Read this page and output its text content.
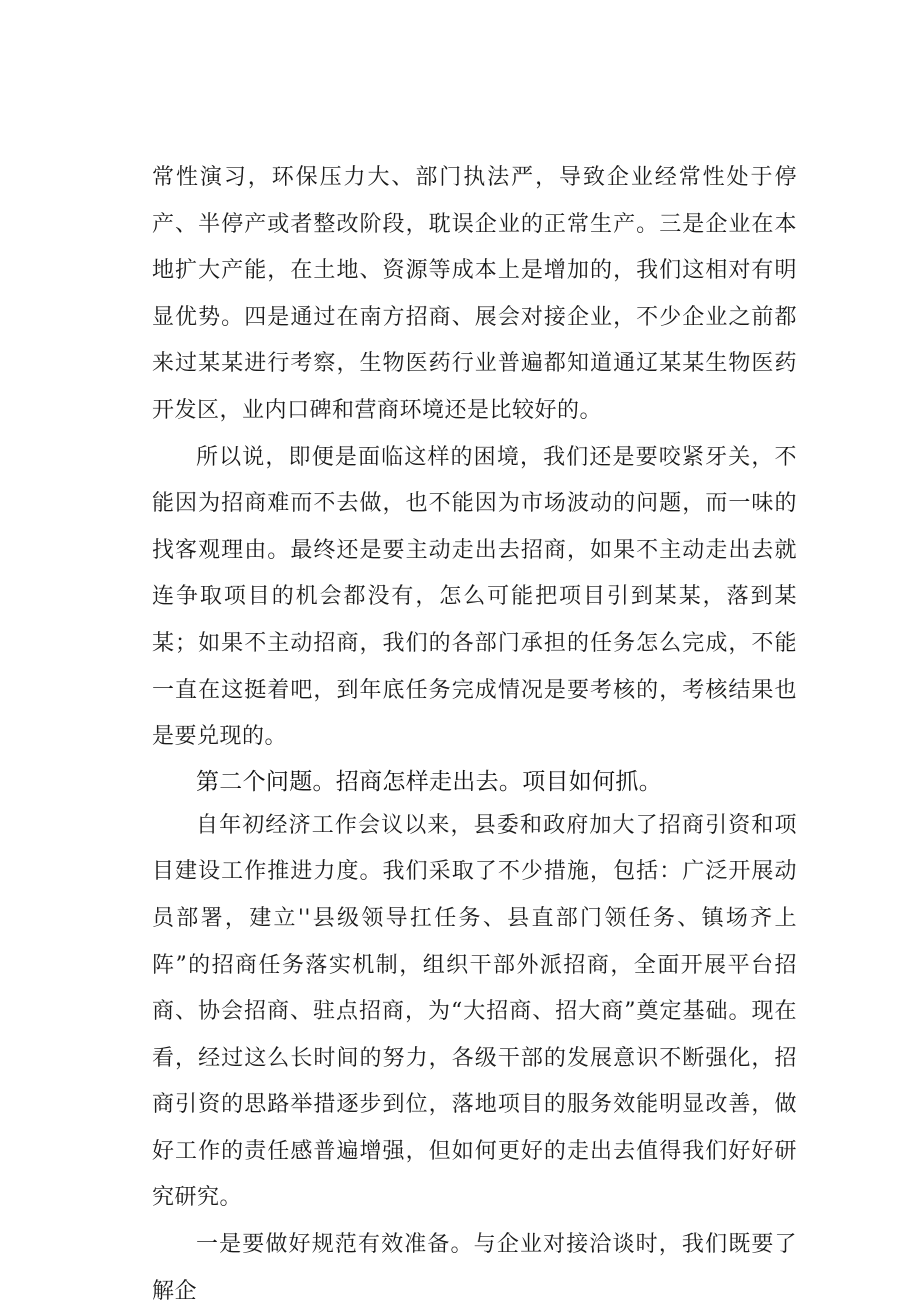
常性演习，环保压力大、部门执法严，导致企业经常性处于停产、半停产或者整改阶段，耽误企业的正常生产。三是企业在本地扩大产能，在土地、资源等成本上是增加的，我们这相对有明显优势。四是通过在南方招商、展会对接企业，不少企业之前都来过某某进行考察，生物医药行业普遍都知道通辽某某生物医药开发区，业内口碑和营商环境还是比较好的。

所以说，即便是面临这样的困境，我们还是要咬紧牙关，不能因为招商难而不去做，也不能因为市场波动的问题，而一味的找客观理由。最终还是要主动走出去招商，如果不主动走出去就连争取项目的机会都没有，怎么可能把项目引到某某，落到某某；如果不主动招商，我们的各部门承担的任务怎么完成，不能一直在这挺着吧，到年底任务完成情况是要考核的，考核结果也是要兑现的。

第二个问题。招商怎样走出去。项目如何抓。

自年初经济工作会议以来，县委和政府加大了招商引资和项目建设工作推进力度。我们采取了不少措施，包括：广泛开展动员部署，建立''县级领导扛任务、县直部门领任务、镇场齐上阵”的招商任务落实机制，组织干部外派招商，全面开展平台招商、协会招商、驻点招商，为“大招商、招大商”奠定基础。现在看，经过这么长时间的努力，各级干部的发展意识不断强化，招商引资的思路举措逐步到位，落地项目的服务效能明显改善，做好工作的责任感普遍增强，但如何更好的走出去值得我们好好研究研究。

一是要做好规范有效准备。与企业对接洽谈时，我们既要了解企
